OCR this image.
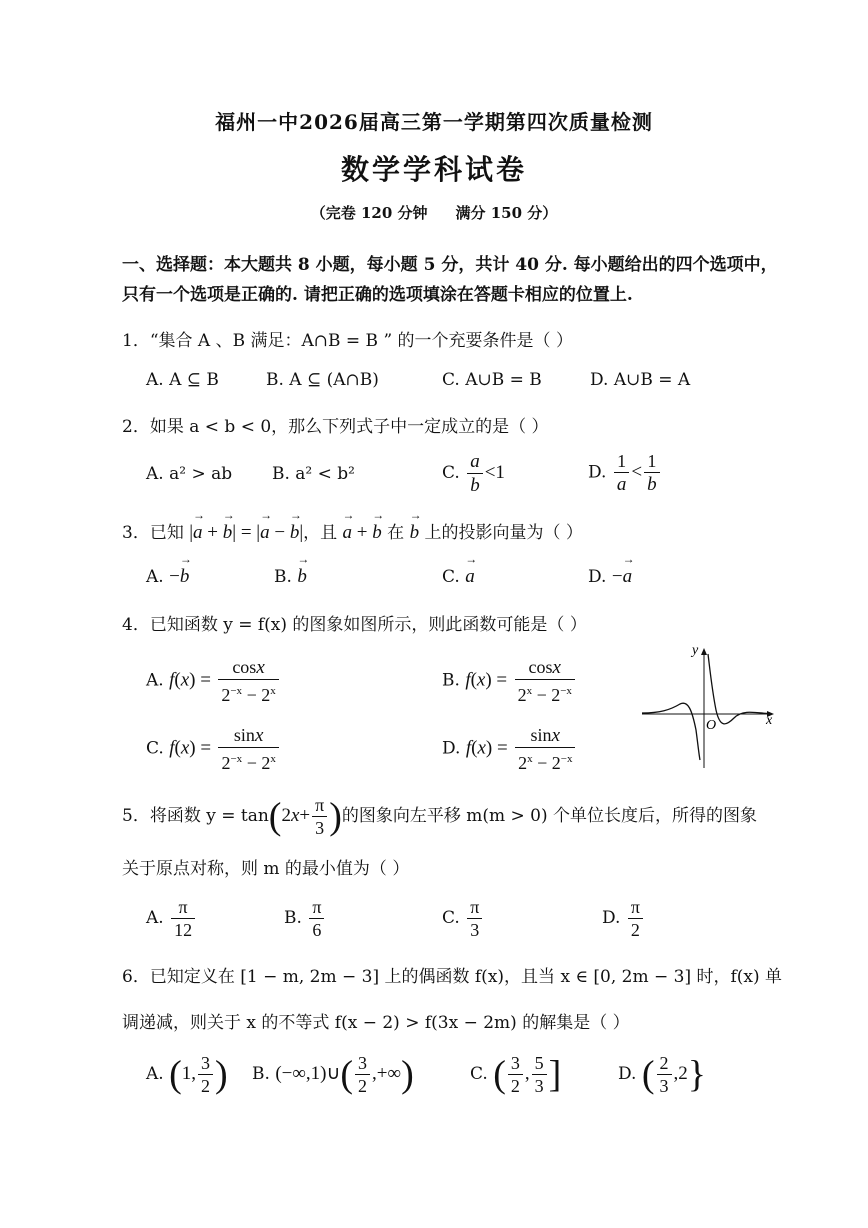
福州一中2026届高三第一学期第四次质量检测
数学学科试卷
（完卷 120 分钟 满分 150 分）
一、选择题：本大题共 8 小题，每小题 5 分，共计 40 分. 每小题给出的四个选项中，
只有一个选项是正确的. 请把正确的选项填涂在答题卡相应的位置上.
1．“集合 A 、B 满足：A∩B = B ” 的一个充要条件是（ ）
A. A ⊆ B	B. A ⊆ (A∩B)	C. A∪B = B	D. A∪B = A
2．如果 a < b < 0，那么下列式子中一定成立的是（ ）
A. a² > ab B. a² < b²	C. $\frac{a}{b} <1$	D. $\frac{1}{a} < \frac{1}{b}$
3．已知 |→ a + → b| = |→ a − → b|，且 → a + → b 在 → b 上的投影向量为（ ）
A. −→ b	B. → b	C. → a	D. −→ a
4．已知函数 y = f(x) 的图象如图所示，则此函数可能是（ ）
A. $f(x) = \frac{\cos x}{2^{-x} - 2^x}$	B. $f(x) = \frac{\cos x}{2^x - 2^{-x}}$
C. $f(x) = \frac{\sin x}{2^{-x} - 2^x}$	D. $f(x) = \frac{\sin x}{2^x - 2^{-x}}$
y
x
O
5．将函数 $y = \tan(2x+ \frac{\pi}{3}$ )的图象向左平移 m(m > 0) 个单位长度后，所得的图象
关于原点对称，则 m 的最小值为（ ）
A. $\frac{\pi}{12}$	B. $\frac{\pi}{6}$	C. $\frac{\pi}{3}$	D. $\frac{\pi}{2}$
6．已知定义在 [1 − m, 2m − 3] 上的偶函数 f(x)，且当 x ∈ [0, 2m − 3] 时，f(x) 单
调递减，则关于 x 的不等式 f(x − 2) > f(3x − 2m) 的解集是（ ）
A. (1, $\frac{3}{2}$ ) B. (−∞,1)∪( $\frac{3}{2}$ ,+∞)	C. ( $\frac{3}{2}$ , $\frac{5}{3}$ ]	D. ( $\frac{2}{3} ,2$}
